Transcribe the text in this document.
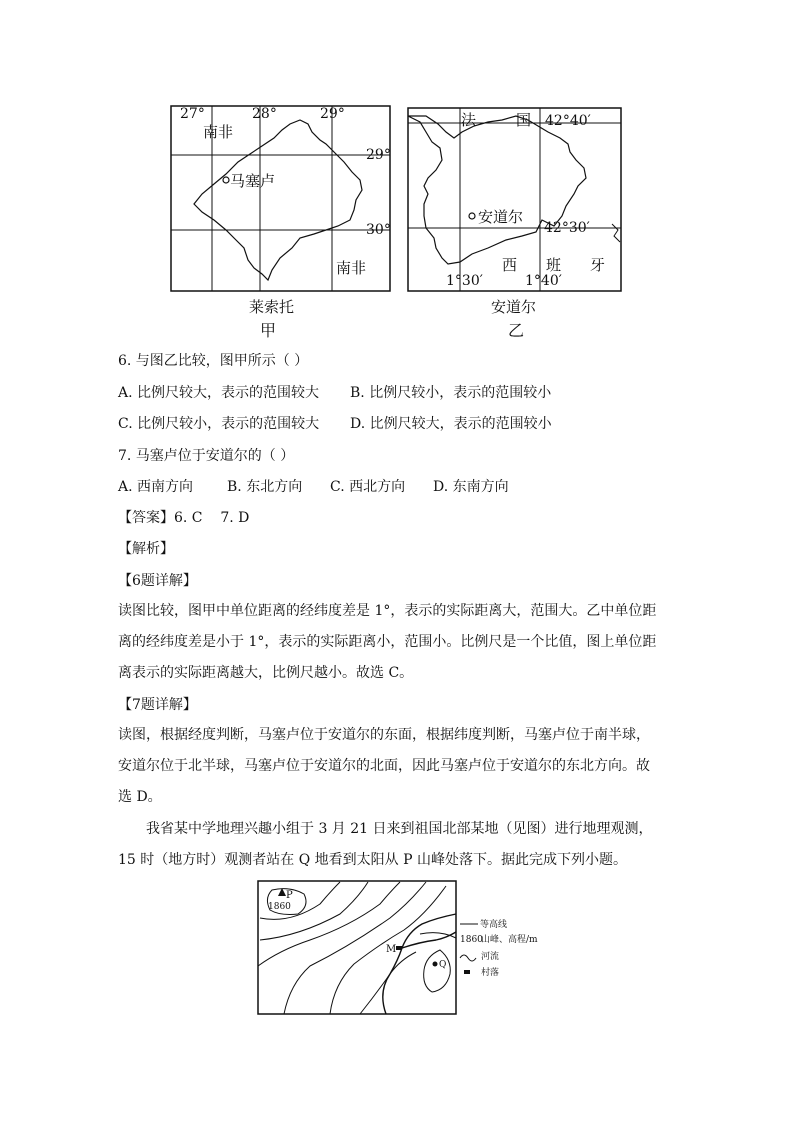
27°	28°	29°
29°
30°
南非
南非
马塞卢
莱索托
甲
法	国 42°40′
42°30′
安道尔
西 班 牙
1°30′	1°40′
安道尔
乙
6. 与图乙比较，图甲所示（ ）
A. 比例尺较大，表示的范围较大 B. 比例尺较小，表示的范围较小
C. 比例尺较小，表示的范围较大 D. 比例尺较大，表示的范围较小
7. 马塞卢位于安道尔的（ ）
A. 西南方向 B. 东北方向 C. 西北方向 D. 东南方向
【答案】6. C    7. D
【解析】
【6题详解】
读图比较，图甲中单位距离的经纬度差是 1°，表示的实际距离大，范围大。乙中单位距离的经纬度差是小于 1°，表示的实际距离小，范围小。比例尺是一个比值，图上单位距离表示的实际距离越大，比例尺越小。故选 C。
【7题详解】
读图，根据经度判断，马塞卢位于安道尔的东面，根据纬度判断，马塞卢位于南半球，安道尔位于北半球，马塞卢位于安道尔的北面，因此马塞卢位于安道尔的东北方向。故选 D。
我省某中学地理兴趣小组于 3 月 21 日来到祖国北部某地（见图）进行地理观测，15 时（地方时）观测者站在 Q 地看到太阳从 P 山峰处落下。据此完成下列小题。
P
1860
M
Q
等高线
1860
山峰、高程/m
河流
村落
